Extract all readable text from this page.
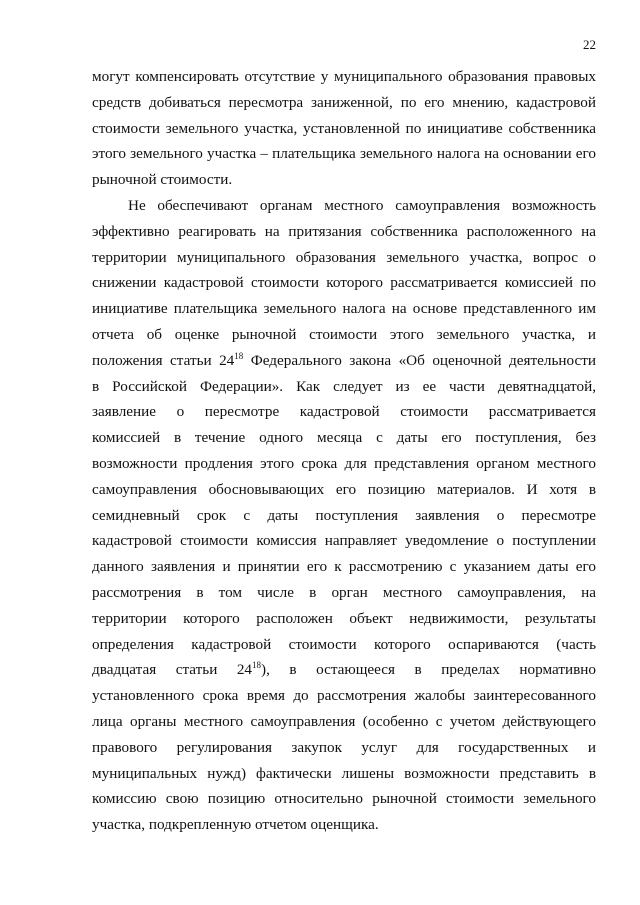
22
могут компенсировать отсутствие у муниципального образования правовых
средств добиваться пересмотра заниженной, по его мнению, кадастровой
стоимости земельного участка, установленной по инициативе собственника
этого земельного участка – плательщика земельного налога на основании его
рыночной стоимости.
Не обеспечивают органам местного самоуправления возможность
эффективно реагировать на притязания собственника расположенного на
территории муниципального образования земельного участка, вопрос о
снижении кадастровой стоимости которого рассматривается комиссией по
инициативе плательщика земельного налога на основе представленного им
отчета об оценке рыночной стоимости этого земельного участка, и
положения статьи $24^{18}$ Федерального закона «Об оценочной деятельности
в Российской Федерации». Как следует из ее части девятнадцатой,
заявление о пересмотре кадастровой стоимости рассматривается
комиссией в течение одного месяца с даты его поступления, без
возможности продления этого срока для представления органом местного
самоуправления обосновывающих его позицию материалов. И хотя в
семидневный срок с даты поступления заявления о пересмотре
кадастровой стоимости комиссия направляет уведомление о поступлении
данного заявления и принятии его к рассмотрению с указанием даты его
рассмотрения в том числе в орган местного самоуправления, на
территории которого расположен объект недвижимости, результаты
определения кадастровой стоимости которого оспариваются (часть
двадцатая статьи $24^{18}$), в остающееся в пределах нормативно
установленного срока время до рассмотрения жалобы заинтересованного
лица органы местного самоуправления (особенно с учетом действующего
правового регулирования закупок услуг для государственных и
муниципальных нужд) фактически лишены возможности представить в
комиссию свою позицию относительно рыночной стоимости земельного
участка, подкрепленную отчетом оценщика.
